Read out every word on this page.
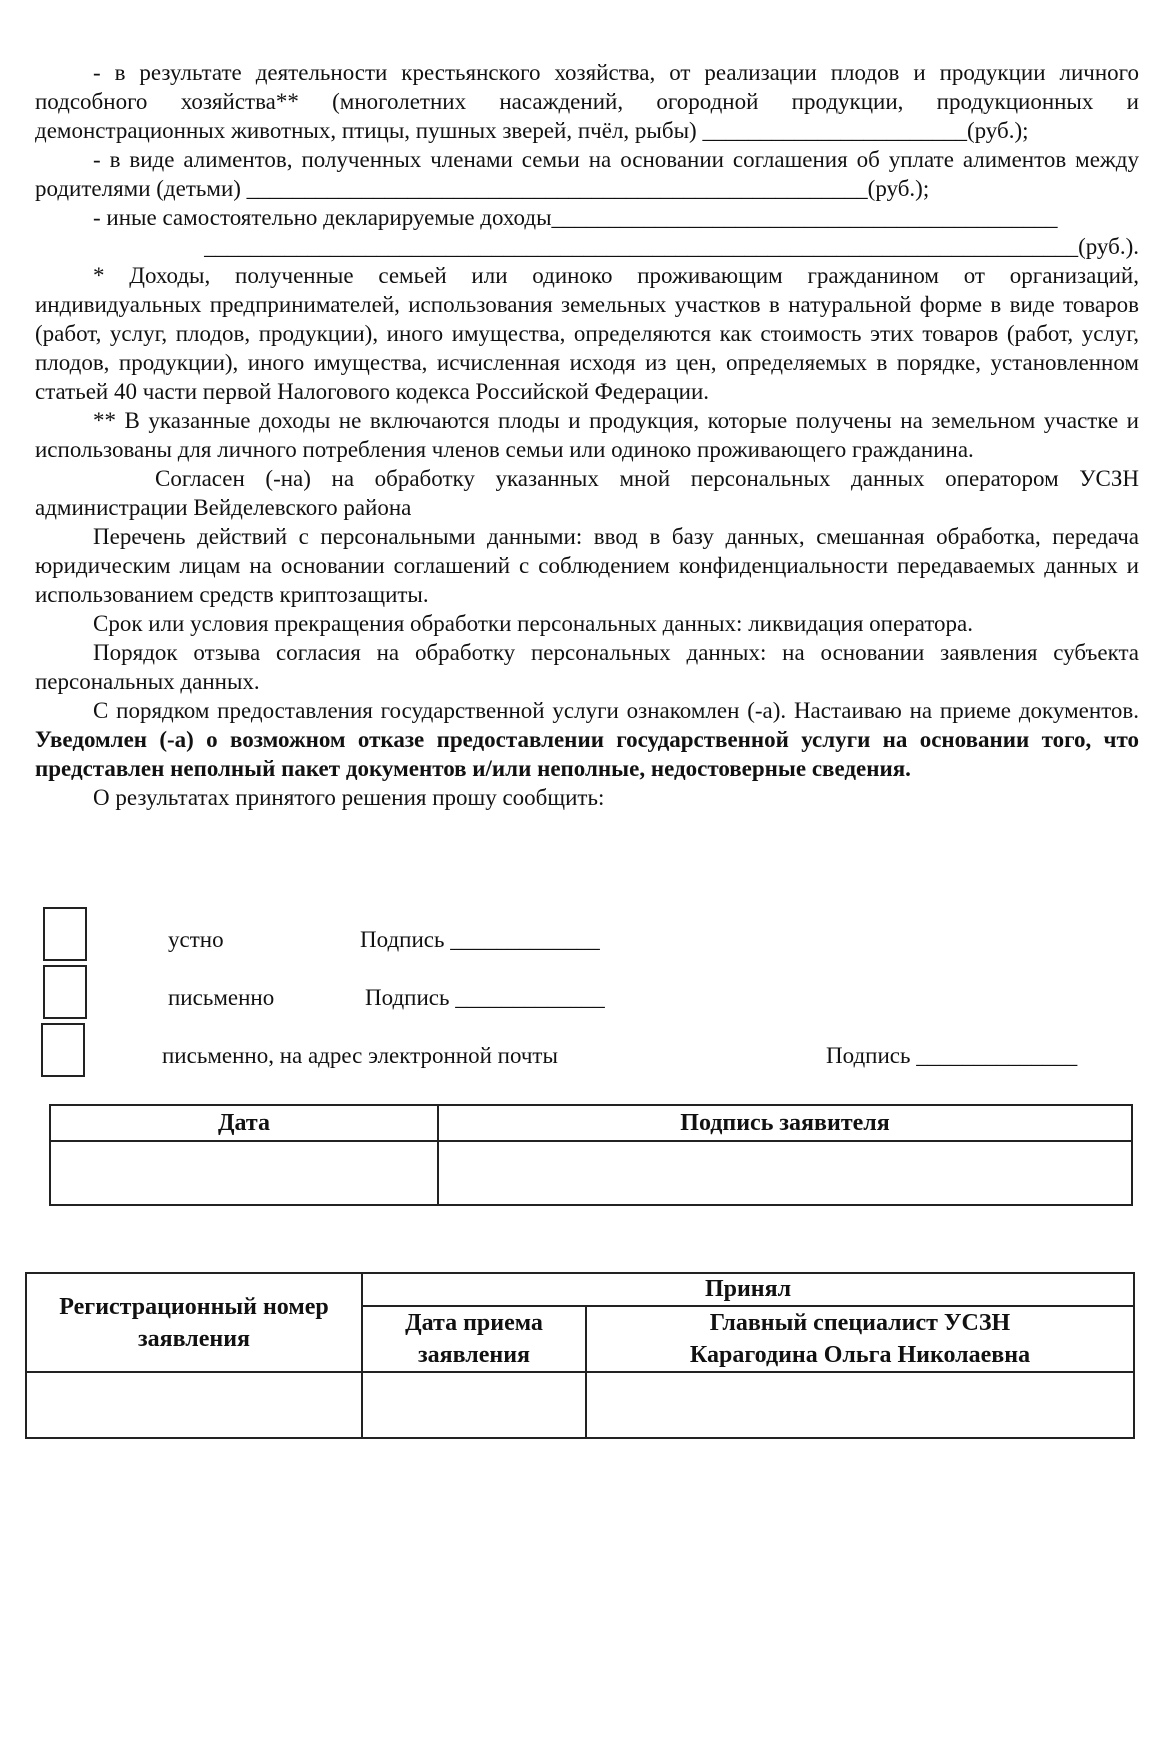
- в результате деятельности крестьянского хозяйства, от реализации плодов и продукции личного подсобного хозяйства** (многолетних насаждений, огородной продукции, продукционных и демонстрационных животных, птицы, пушных зверей, пчёл, рыбы) _______________________(руб.);

- в виде алиментов, полученных членами семьи на основании соглашения об уплате алиментов между родителями (детьми) ______________________________________________________(руб.);

- иные самостоятельно декларируемые доходы____________________________________________

____________________________________________________________________________(руб.).

* Доходы, полученные семьей или одиноко проживающим гражданином от организаций, индивидуальных предпринимателей, использования земельных участков в натуральной форме в виде товаров (работ, услуг, плодов, продукции), иного имущества, определяются как стоимость этих товаров (работ, услуг, плодов, продукции), иного имущества, исчисленная исходя из цен, определяемых в порядке, установленном статьей 40 части первой Налогового кодекса Российской Федерации.

** В указанные доходы не включаются плоды и продукция, которые получены на земельном участке и использованы для личного потребления членов семьи или одиноко проживающего гражданина.

Согласен (-на) на обработку указанных мной персональных данных оператором УСЗН администрации Вейделевского района

Перечень действий с персональными данными: ввод в базу данных, смешанная обработка, передача юридическим лицам на основании соглашений с соблюдением конфиденциальности передаваемых данных и использованием средств криптозащиты.

Срок или условия прекращения обработки персональных данных: ликвидация оператора.

Порядок отзыва согласия на обработку персональных данных: на основании заявления субъекта персональных данных.

С порядком предоставления государственной услуги ознакомлен (-а). Настаиваю на приеме документов. Уведомлен (-а) о возможном отказе предоставлении государственной услуги на основании того, что представлен неполный пакет документов и/или неполные, недостоверные сведения.

О результатах принятого решения прошу сообщить:

устно	Подпись _____________
письменно	Подпись _____________
письменно, на адрес электронной почты	Подпись ______________
Дата	Подпись заявителя

Регистрационный номер заявления	Принял	
	Дата приема заявления	Главный специалист УСЗН
Карагодина Ольга Николаевна
